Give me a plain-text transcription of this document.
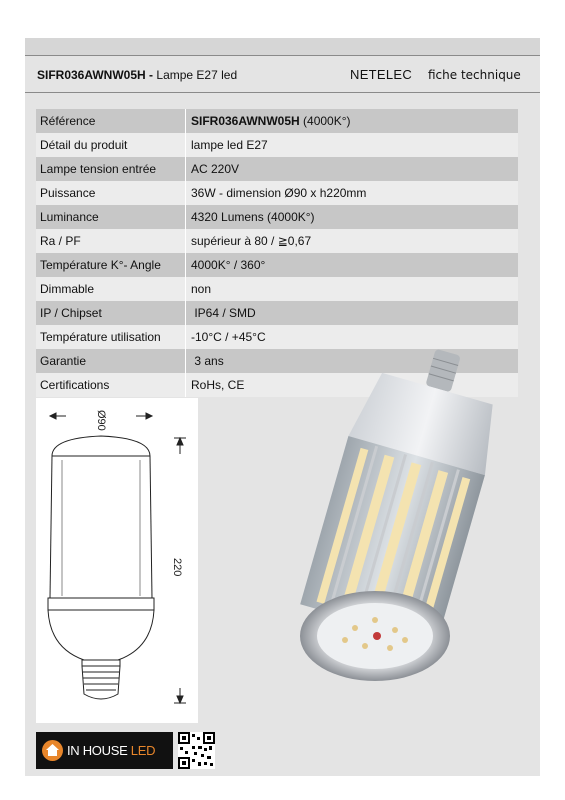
SIFR036AWNW05H - Lampe E27 led	NETELEC fiche technique
Référence	SIFR036AWNW05H (4000K°)
Détail du produit	lampe led E27
Lampe tension entrée	AC 220V
Puissance	36W - dimension Ø90 x h220mm
Luminance	4320 Lumens (4000K°)
Ra / PF	supérieur à 80 / ≧0,67
Température K°- Angle	4000K° / 360°
Dimmable	non
IP / Chipset	IP64 / SMD
Température utilisation	-10°C / +45°C
Garantie	3 ans
Certifications	RoHs, CE
Ø90
220
IN HOUSE LED
